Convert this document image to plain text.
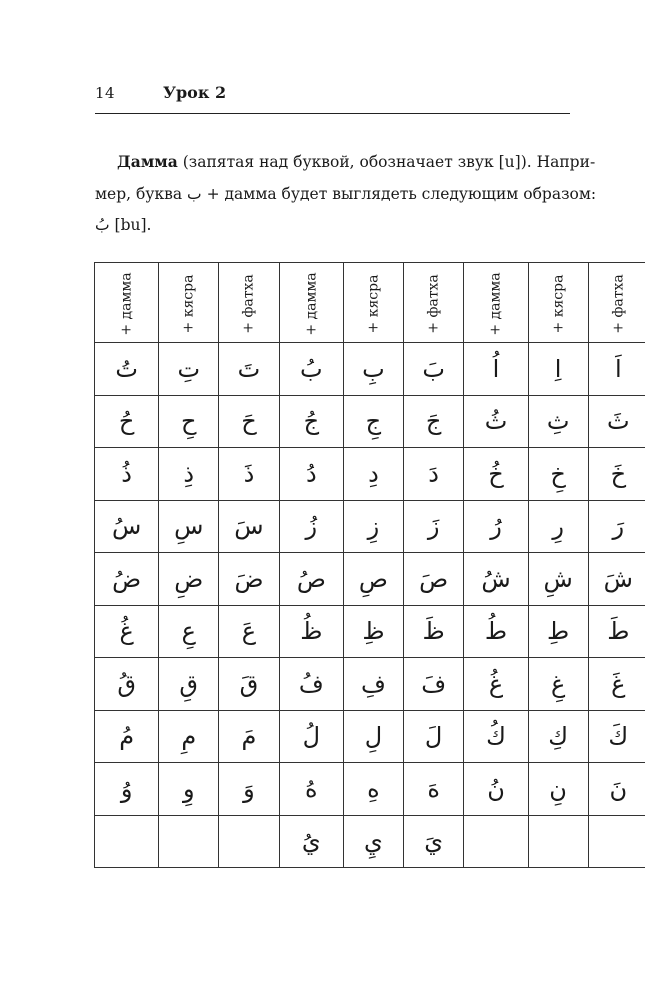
14	Урок 2
Дамма (запятая над буквой, обозначает звук [u]). Напри-
мер, буква ب + дамма будет выглядеть следующим образом:
بُ [bu].
+ дамма	+ кясра	+ фатха	+ дамма	+ кясра	+ фатха	+ дамма	+ кясра	+ фатха
تُ	تِ	تَ	بُ	بِ	بَ	اُ	اِ	اَ
حُ	حِ	حَ	جُ	جِ	جَ	ثُ	ثِ	ثَ
ذُ	ذِ	ذَ	دُ	دِ	دَ	خُ	خِ	خَ
سُ	سِ	سَ	زُ	زِ	زَ	رُ	رِ	رَ
ضُ	ضِ	ضَ	صُ	صِ	صَ	شُ	شِ	شَ
غُ	عِ	عَ	ظُ	ظِ	ظَ	طُ	طِ	طَ
قُ	قِ	قَ	فُ	فِ	فَ	غُ	غِ	غَ
مُ	مِ	مَ	لُ	لِ	لَ	كُ	كِ	كَ
وُ	وِ	وَ	هُ	هِ	هَ	نُ	نِ	نَ
			يُ	يِ	يَ			
